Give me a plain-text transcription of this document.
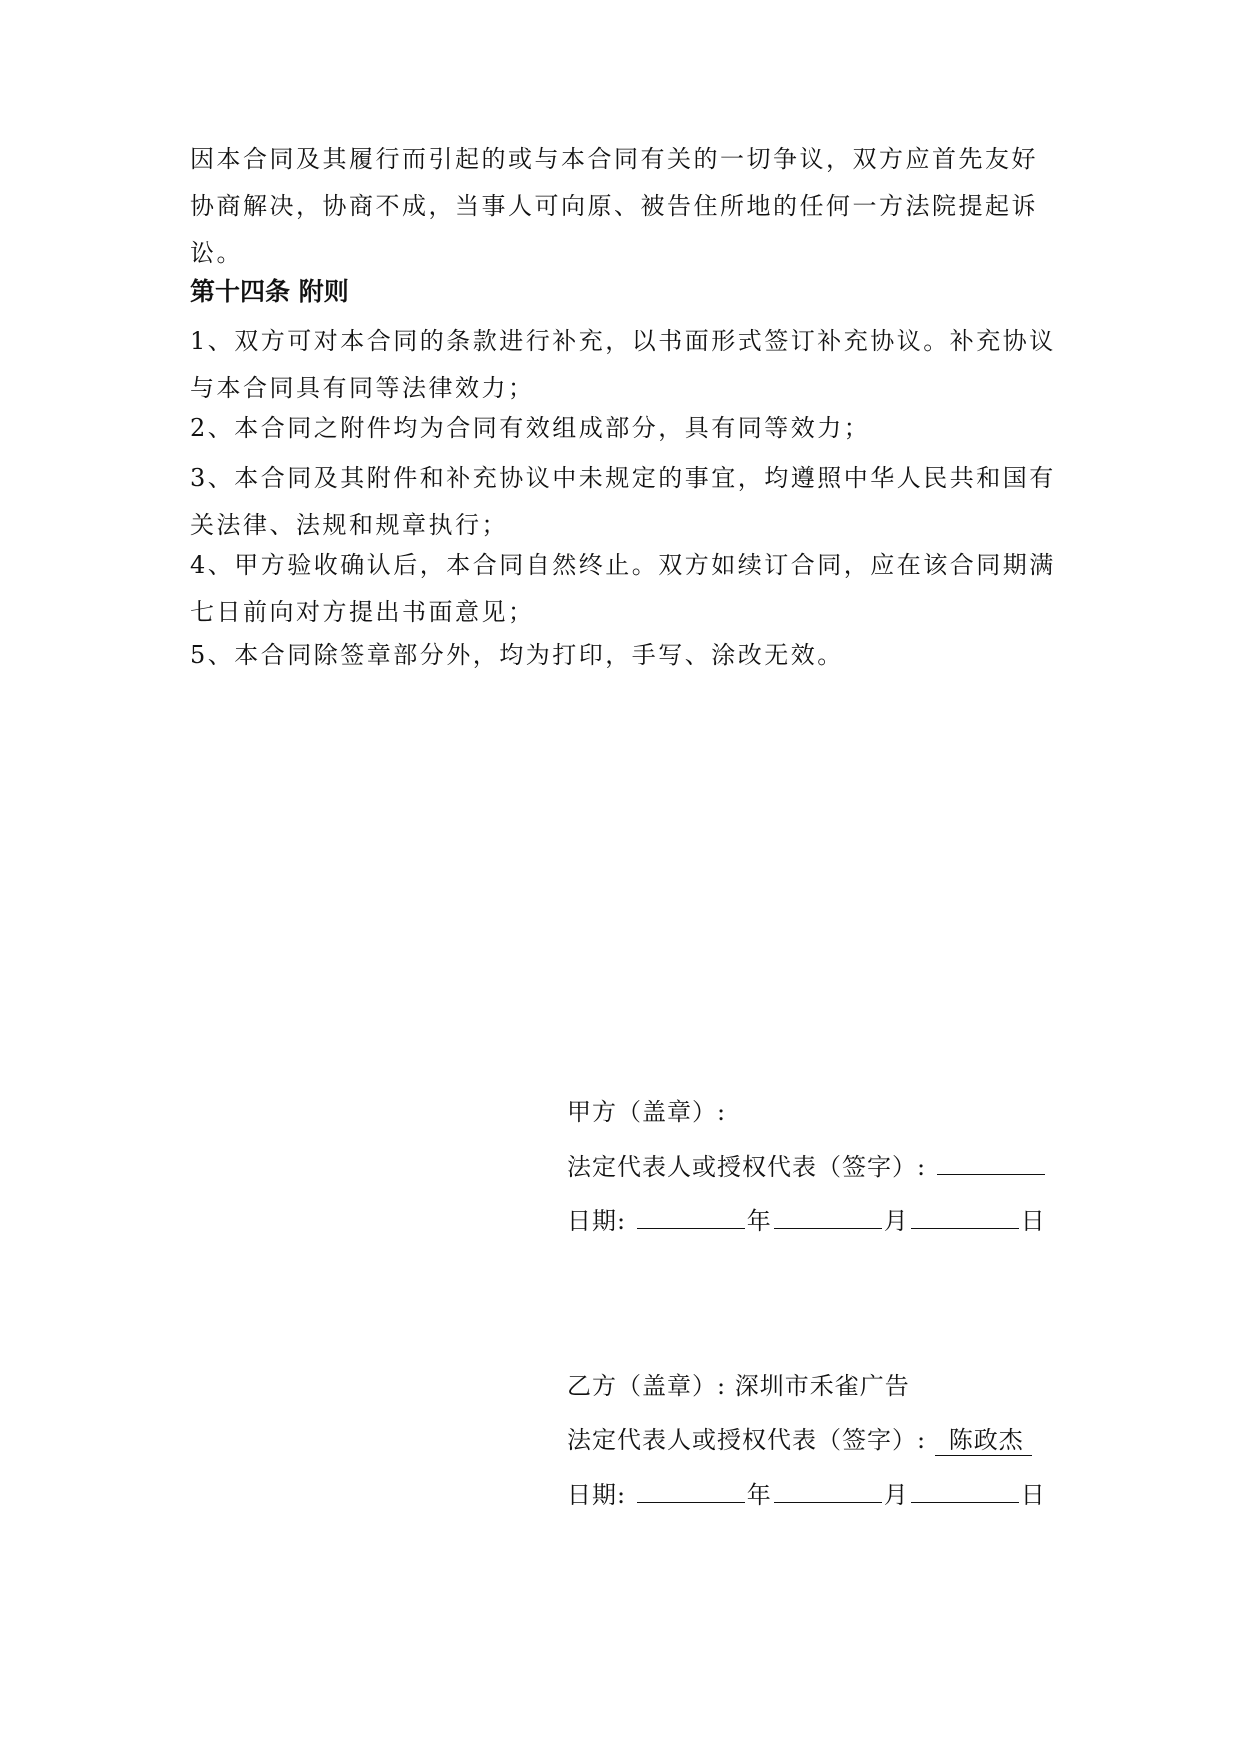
因本合同及其履行而引起的或与本合同有关的一切争议，双方应首先友好协商解决，协商不成，当事人可向原、被告住所地的任何一方法院提起诉讼。

第十四条 附则

1、双方可对本合同的条款进行补充，以书面形式签订补充协议。补充协议与本合同具有同等法律效力；

2、本合同之附件均为合同有效组成部分，具有同等效力；

3、本合同及其附件和补充协议中未规定的事宜，均遵照中华人民共和国有关法律、法规和规章执行；

4、甲方验收确认后，本合同自然终止。双方如续订合同，应在该合同期满七日前向对方提出书面意见；

5、本合同除签章部分外，均为打印，手写、涂改无效。

甲方（盖章）:
法定代表人或授权代表（签字）:
日期:	年	月	日
乙方（盖章）: 深圳市禾雀广告
法定代表人或授权代表（签字）: 陈政杰
日期:	年	月	日
